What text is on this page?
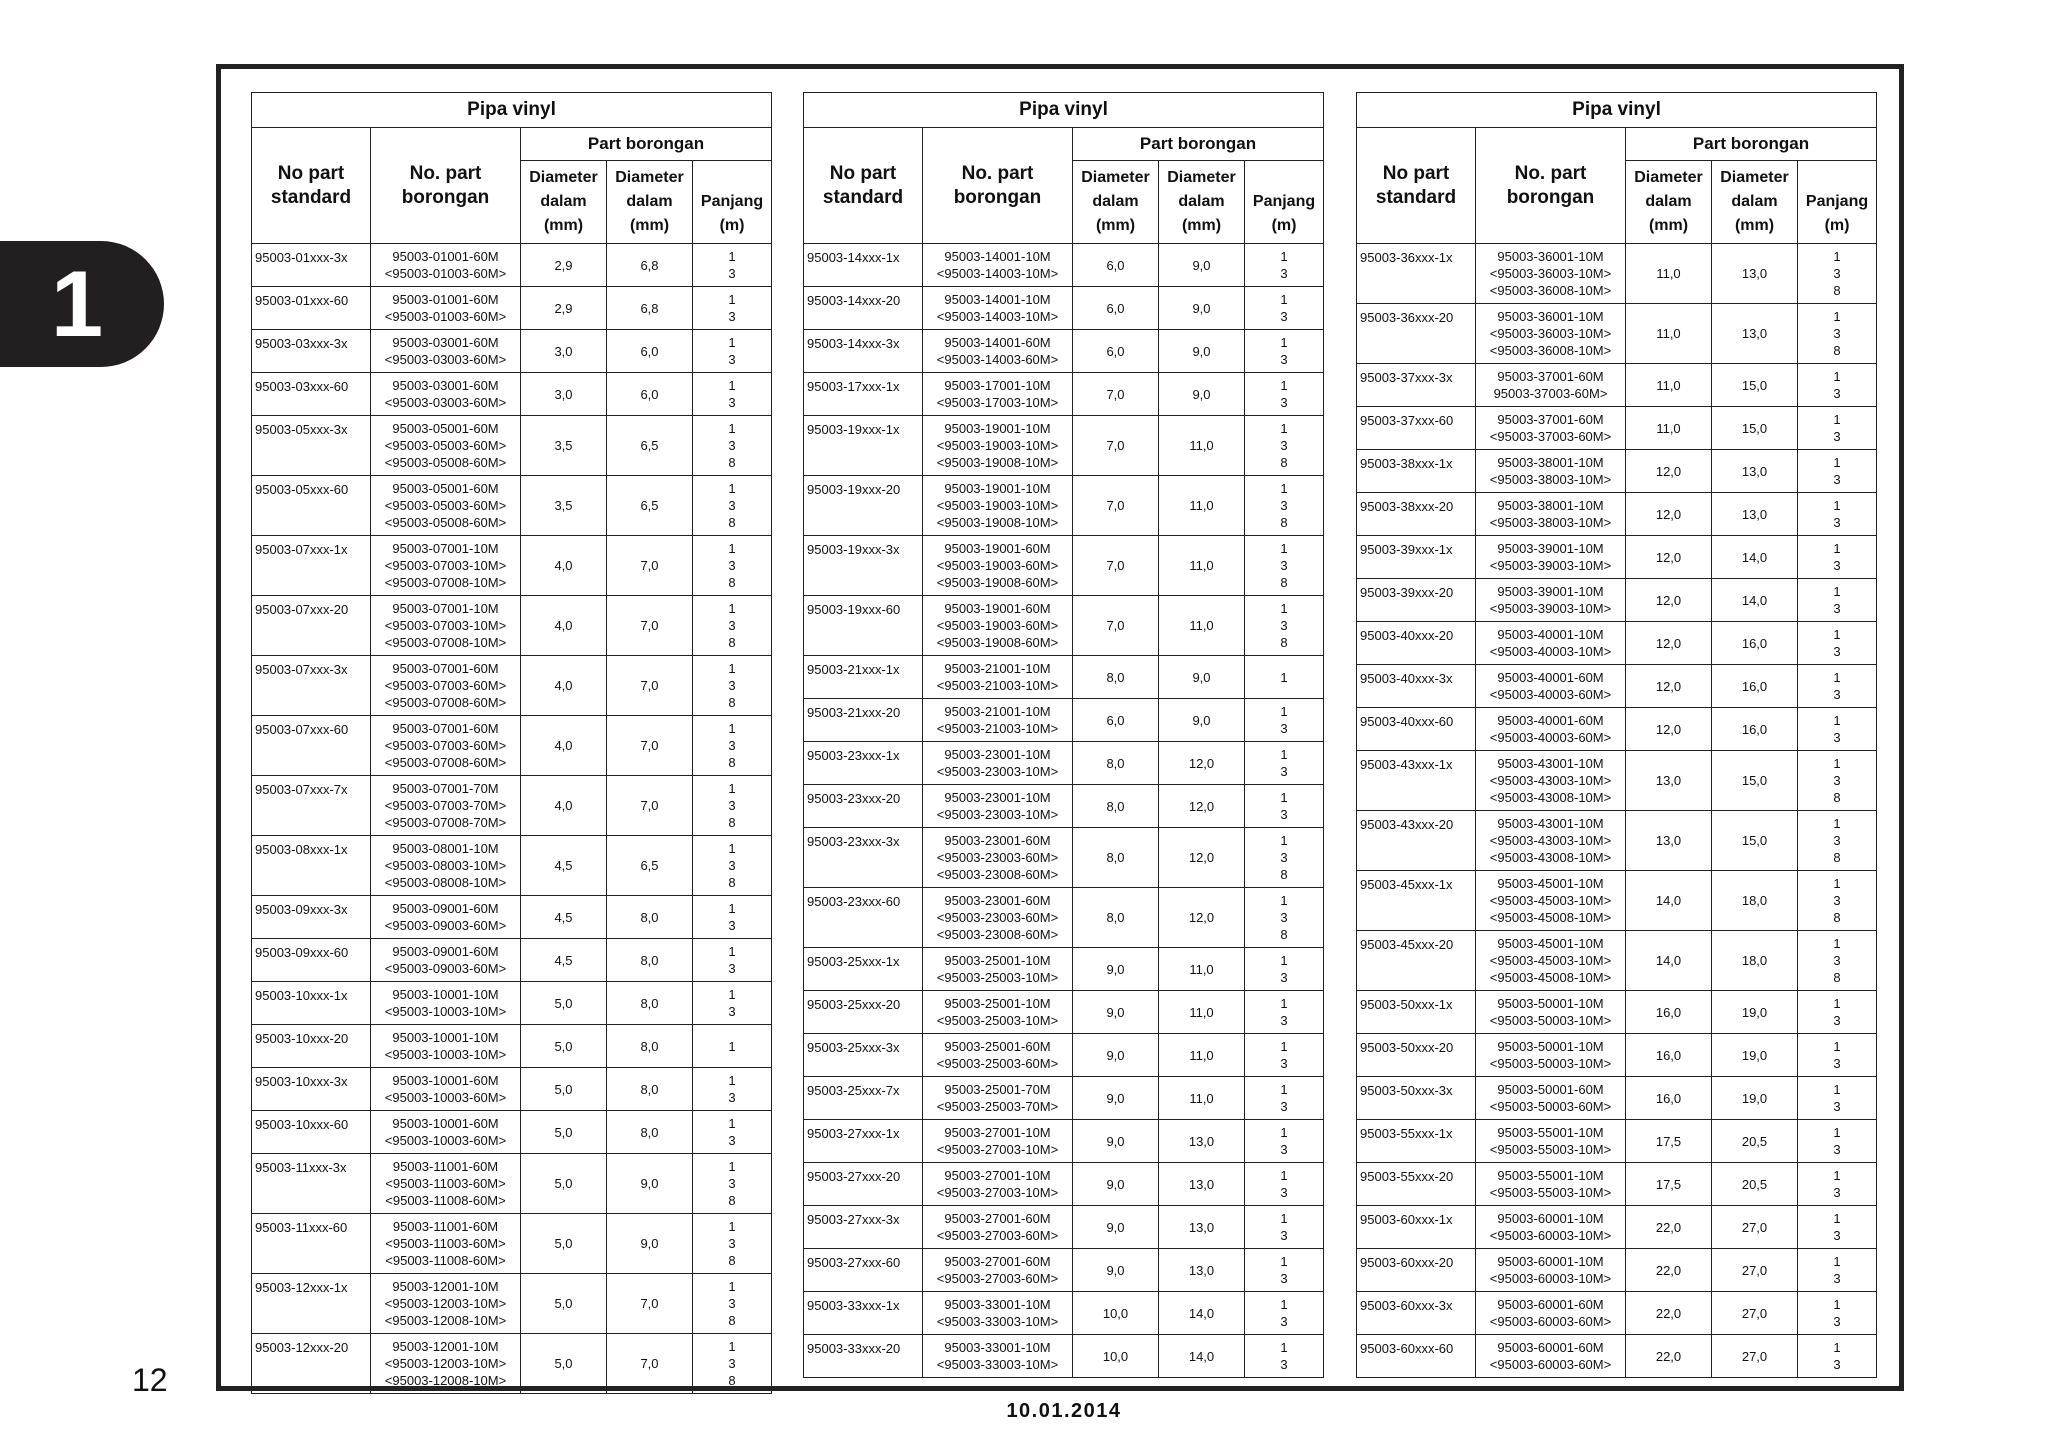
1
12
10.01.2014
Pipa vinyl				
No part
standard	No. part
borongan	Part borongan		
		Diameter
dalam
(mm)	Diameter
dalam
(mm)	
Panjang
(m)
95003-01xxx-3x	95003-01001-60M
<95003-01003-60M>	2,9	6,8	1
3
95003-01xxx-60	95003-01001-60M
<95003-01003-60M>	2,9	6,8	1
3
95003-03xxx-3x	95003-03001-60M
<95003-03003-60M>	3,0	6,0	1
3
95003-03xxx-60	95003-03001-60M
<95003-03003-60M>	3,0	6,0	1
3
95003-05xxx-3x	95003-05001-60M
<95003-05003-60M>
<95003-05008-60M>	3,5	6,5	1
3
8
95003-05xxx-60	95003-05001-60M
<95003-05003-60M>
<95003-05008-60M>	3,5	6,5	1
3
8
95003-07xxx-1x	95003-07001-10M
<95003-07003-10M>
<95003-07008-10M>	4,0	7,0	1
3
8
95003-07xxx-20	95003-07001-10M
<95003-07003-10M>
<95003-07008-10M>	4,0	7,0	1
3
8
95003-07xxx-3x	95003-07001-60M
<95003-07003-60M>
<95003-07008-60M>	4,0	7,0	1
3
8
95003-07xxx-60	95003-07001-60M
<95003-07003-60M>
<95003-07008-60M>	4,0	7,0	1
3
8
95003-07xxx-7x	95003-07001-70M
<95003-07003-70M>
<95003-07008-70M>	4,0	7,0	1
3
8
95003-08xxx-1x	95003-08001-10M
<95003-08003-10M>
<95003-08008-10M>	4,5	6,5	1
3
8
95003-09xxx-3x	95003-09001-60M
<95003-09003-60M>	4,5	8,0	1
3
95003-09xxx-60	95003-09001-60M
<95003-09003-60M>	4,5	8,0	1
3
95003-10xxx-1x	95003-10001-10M
<95003-10003-10M>	5,0	8,0	1
3
95003-10xxx-20	95003-10001-10M
<95003-10003-10M>	5,0	8,0	1
95003-10xxx-3x	95003-10001-60M
<95003-10003-60M>	5,0	8,0	1
3
95003-10xxx-60	95003-10001-60M
<95003-10003-60M>	5,0	8,0	1
3
95003-11xxx-3x	95003-11001-60M
<95003-11003-60M>
<95003-11008-60M>	5,0	9,0	1
3
8
95003-11xxx-60	95003-11001-60M
<95003-11003-60M>
<95003-11008-60M>	5,0	9,0	1
3
8
95003-12xxx-1x	95003-12001-10M
<95003-12003-10M>
<95003-12008-10M>	5,0	7,0	1
3
8
95003-12xxx-20	95003-12001-10M
<95003-12003-10M>
<95003-12008-10M>	5,0	7,0	1
3
8
Pipa vinyl				
No part
standard	No. part
borongan	Part borongan		
		Diameter
dalam
(mm)	Diameter
dalam
(mm)	
Panjang
(m)
95003-14xxx-1x	95003-14001-10M
<95003-14003-10M>	6,0	9,0	1
3
95003-14xxx-20	95003-14001-10M
<95003-14003-10M>	6,0	9,0	1
3
95003-14xxx-3x	95003-14001-60M
<95003-14003-60M>	6,0	9,0	1
3
95003-17xxx-1x	95003-17001-10M
<95003-17003-10M>	7,0	9,0	1
3
95003-19xxx-1x	95003-19001-10M
<95003-19003-10M>
<95003-19008-10M>	7,0	11,0	1
3
8
95003-19xxx-20	95003-19001-10M
<95003-19003-10M>
<95003-19008-10M>	7,0	11,0	1
3
8
95003-19xxx-3x	95003-19001-60M
<95003-19003-60M>
<95003-19008-60M>	7,0	11,0	1
3
8
95003-19xxx-60	95003-19001-60M
<95003-19003-60M>
<95003-19008-60M>	7,0	11,0	1
3
8
95003-21xxx-1x	95003-21001-10M
<95003-21003-10M>	8,0	9,0	1
95003-21xxx-20	95003-21001-10M
<95003-21003-10M>	6,0	9,0	1
3
95003-23xxx-1x	95003-23001-10M
<95003-23003-10M>	8,0	12,0	1
3
95003-23xxx-20	95003-23001-10M
<95003-23003-10M>	8,0	12,0	1
3
95003-23xxx-3x	95003-23001-60M
<95003-23003-60M>
<95003-23008-60M>	8,0	12,0	1
3
8
95003-23xxx-60	95003-23001-60M
<95003-23003-60M>
<95003-23008-60M>	8,0	12,0	1
3
8
95003-25xxx-1x	95003-25001-10M
<95003-25003-10M>	9,0	11,0	1
3
95003-25xxx-20	95003-25001-10M
<95003-25003-10M>	9,0	11,0	1
3
95003-25xxx-3x	95003-25001-60M
<95003-25003-60M>	9,0	11,0	1
3
95003-25xxx-7x	95003-25001-70M
<95003-25003-70M>	9,0	11,0	1
3
95003-27xxx-1x	95003-27001-10M
<95003-27003-10M>	9,0	13,0	1
3
95003-27xxx-20	95003-27001-10M
<95003-27003-10M>	9,0	13,0	1
3
95003-27xxx-3x	95003-27001-60M
<95003-27003-60M>	9,0	13,0	1
3
95003-27xxx-60	95003-27001-60M
<95003-27003-60M>	9,0	13,0	1
3
95003-33xxx-1x	95003-33001-10M
<95003-33003-10M>	10,0	14,0	1
3
95003-33xxx-20	95003-33001-10M
<95003-33003-10M>	10,0	14,0	1
3
Pipa vinyl				
No part
standard	No. part
borongan	Part borongan		
		Diameter
dalam
(mm)	Diameter
dalam
(mm)	
Panjang
(m)
95003-36xxx-1x	95003-36001-10M
<95003-36003-10M>
<95003-36008-10M>	11,0	13,0	1
3
8
95003-36xxx-20	95003-36001-10M
<95003-36003-10M>
<95003-36008-10M>	11,0	13,0	1
3
8
95003-37xxx-3x	95003-37001-60M
95003-37003-60M>	11,0	15,0	1
3
95003-37xxx-60	95003-37001-60M
<95003-37003-60M>	11,0	15,0	1
3
95003-38xxx-1x	95003-38001-10M
<95003-38003-10M>	12,0	13,0	1
3
95003-38xxx-20	95003-38001-10M
<95003-38003-10M>	12,0	13,0	1
3
95003-39xxx-1x	95003-39001-10M
<95003-39003-10M>	12,0	14,0	1
3
95003-39xxx-20	95003-39001-10M
<95003-39003-10M>	12,0	14,0	1
3
95003-40xxx-20	95003-40001-10M
<95003-40003-10M>	12,0	16,0	1
3
95003-40xxx-3x	95003-40001-60M
<95003-40003-60M>	12,0	16,0	1
3
95003-40xxx-60	95003-40001-60M
<95003-40003-60M>	12,0	16,0	1
3
95003-43xxx-1x	95003-43001-10M
<95003-43003-10M>
<95003-43008-10M>	13,0	15,0	1
3
8
95003-43xxx-20	95003-43001-10M
<95003-43003-10M>
<95003-43008-10M>	13,0	15,0	1
3
8
95003-45xxx-1x	95003-45001-10M
<95003-45003-10M>
<95003-45008-10M>	14,0	18,0	1
3
8
95003-45xxx-20	95003-45001-10M
<95003-45003-10M>
<95003-45008-10M>	14,0	18,0	1
3
8
95003-50xxx-1x	95003-50001-10M
<95003-50003-10M>	16,0	19,0	1
3
95003-50xxx-20	95003-50001-10M
<95003-50003-10M>	16,0	19,0	1
3
95003-50xxx-3x	95003-50001-60M
<95003-50003-60M>	16,0	19,0	1
3
95003-55xxx-1x	95003-55001-10M
<95003-55003-10M>	17,5	20,5	1
3
95003-55xxx-20	95003-55001-10M
<95003-55003-10M>	17,5	20,5	1
3
95003-60xxx-1x	95003-60001-10M
<95003-60003-10M>	22,0	27,0	1
3
95003-60xxx-20	95003-60001-10M
<95003-60003-10M>	22,0	27,0	1
3
95003-60xxx-3x	95003-60001-60M
<95003-60003-60M>	22,0	27,0	1
3
95003-60xxx-60	95003-60001-60M
<95003-60003-60M>	22,0	27,0	1
3
